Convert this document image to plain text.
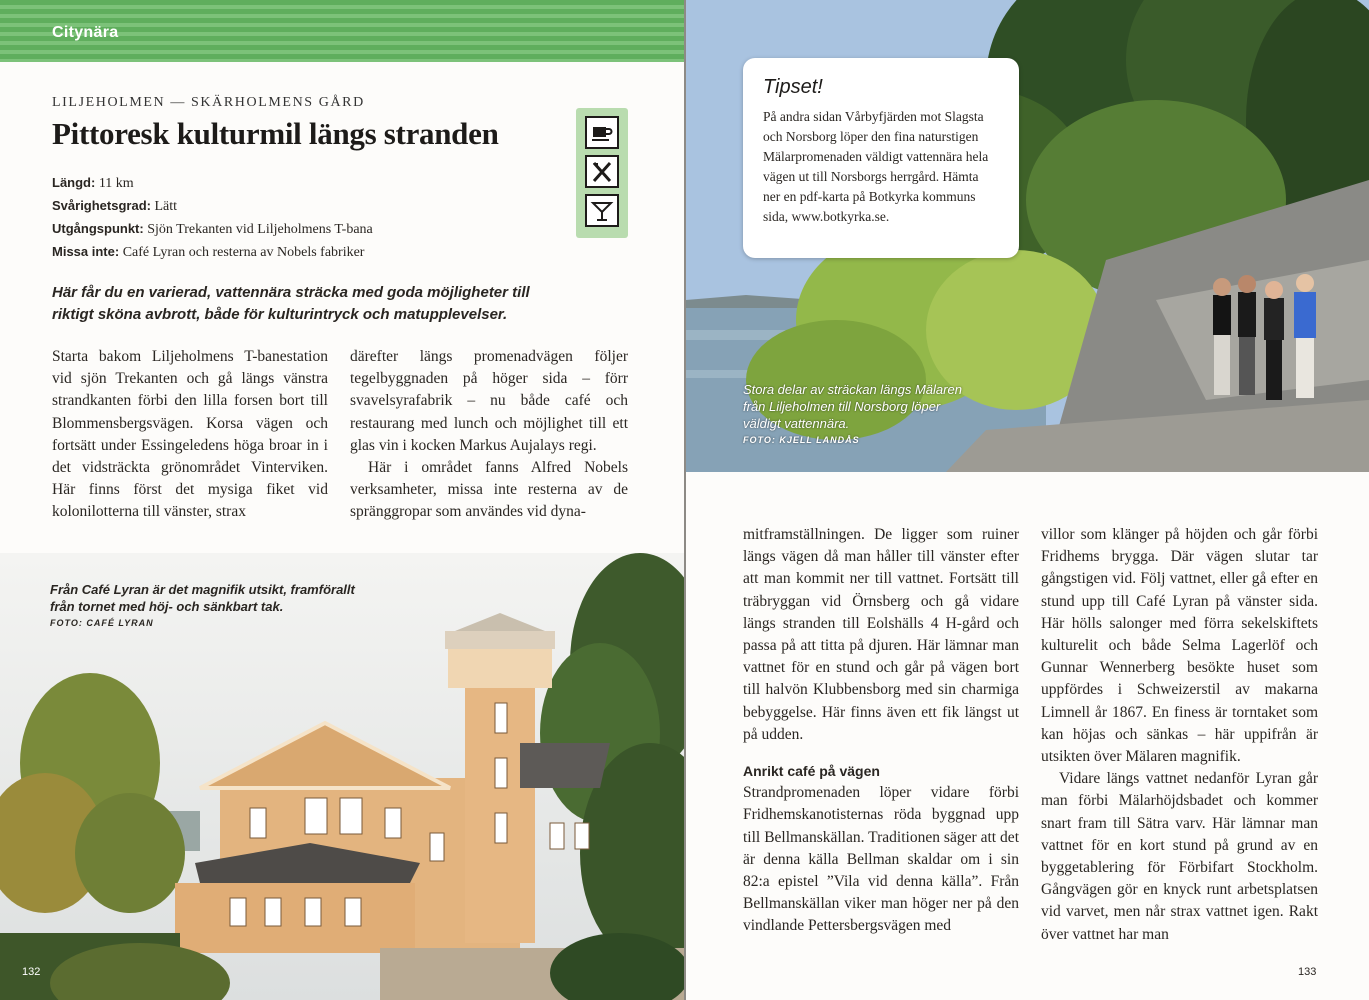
Citynära
LILJEHOLMEN — SKÄRHOLMENS GÅRD
Pittoresk kulturmil längs stranden
Längd: 11 km
Svårighetsgrad: Lätt
Utgångspunkt: Sjön Trekanten vid Liljeholmens T-bana
Missa inte: Café Lyran och resterna av Nobels fabriker
Här får du en varierad, vattennära sträcka med goda möjligheter till riktigt sköna avbrott, både för kulturintryck och matupplevelser.

Starta bakom Liljeholmens T-banestation vid sjön Trekanten och gå längs vänstra strandkanten förbi den lilla forsen bort till Blommensbergsvägen. Korsa vägen och fortsätt under Essingeledens höga broar in i det vidsträckta grönområdet Vinterviken. Här finns först det mysiga fiket vid kolonilotterna till vänster, strax

därefter längs promenadvägen följer tegelbyggnaden på höger sida – förr svavelsyrafabrik – nu både café och restaurang med lunch och möjlighet till ett glas vin i kocken Markus Aujalays regi.

Här i området fanns Alfred Nobels verksamheter, missa inte resterna av de spränggropar som användes vid dyna-

Från Café Lyran är det magnifik utsikt, framförallt från tornet med höj- och sänkbart tak.
FOTO: CAFÉ LYRAN
132
Tipset!
På andra sidan Vårbyfjärden mot Slagsta och Norsborg löper den fina naturstigen Mälarpromenaden väldigt vattennära hela vägen ut till Norsborgs herrgård. Hämta ner en pdf-karta på Botkyrka kommuns sida, www.botkyrka.se.
Stora delar av sträckan längs Mälaren från Liljeholmen till Norsborg löper väldigt vattennära.
FOTO: KJELL LANDÅS

mitframställningen. De ligger som ruiner längs vägen då man håller till vänster efter att man kommit ner till vattnet. Fortsätt till träbryggan vid Örnsberg och gå vidare längs stranden till Eolshälls 4 H-gård och passa på att titta på djuren. Här lämnar man vattnet för en stund och går på vägen bort till halvön Klubbensborg med sin charmiga bebyggelse. Här finns även ett fik längst ut på udden.

Anrikt café på vägen

Strandpromenaden löper vidare förbi Fridhemskanotisternas röda byggnad upp till Bellmanskällan. Traditionen säger att det är denna källa Bellman skaldar om i sin 82:a epistel ”Vila vid denna källa”. Från Bellmanskällan viker man höger ner på den vindlande Pettersbergsvägen med

villor som klänger på höjden och går förbi Fridhems brygga. Där vägen slutar tar gångstigen vid. Följ vattnet, eller gå efter en stund upp till Café Lyran på vänster sida. Här hölls salonger med förra sekelskiftets kulturelit och både Selma Lagerlöf och Gunnar Wennerberg besökte huset som uppfördes i Schweizerstil av makarna Limnell år 1867. En finess är torntaket som kan höjas och sänkas – här uppifrån är utsikten över Mälaren magnifik.

Vidare längs vattnet nedanför Lyran går man förbi Mälarhöjdsbadet och kommer snart fram till Sätra varv. Här lämnar man vattnet för en kort stund på grund av en byggetablering för Förbifart Stockholm. Gångvägen gör en knyck runt arbetsplatsen vid varvet, men når strax vattnet igen. Rakt över vattnet har man

133
